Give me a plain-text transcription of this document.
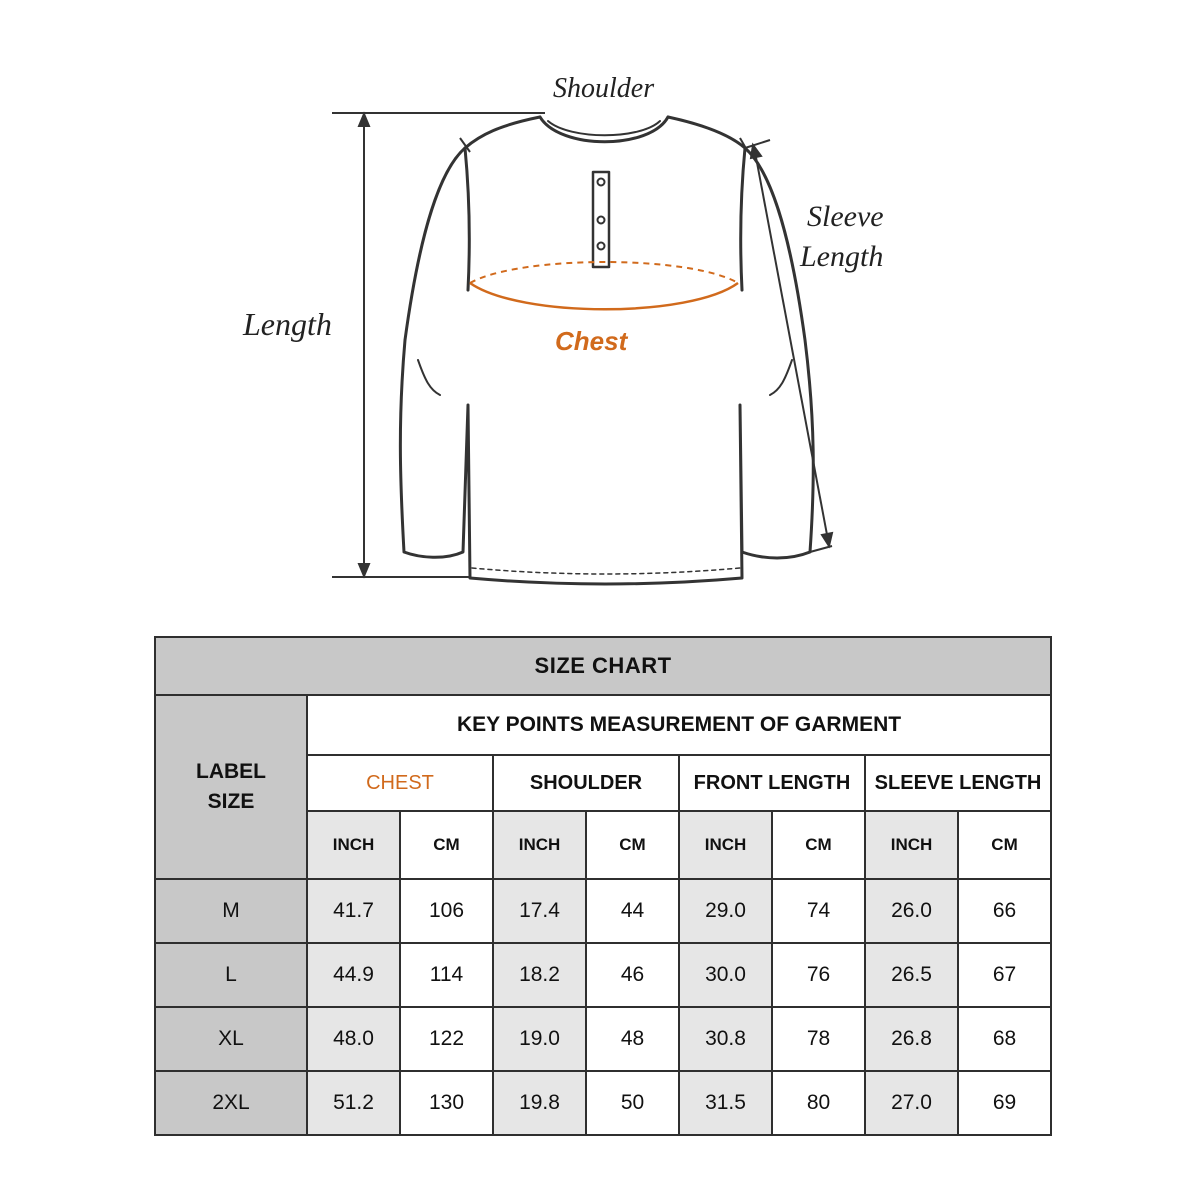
Shoulder
Sleeve
Length
Length	Chest
SIZE CHART								
LABEL
SIZE	KEY POINTS MEASUREMENT OF GARMENT							
	CHEST		SHOULDER		FRONT LENGTH		SLEEVE LENGTH	
	INCH	CM	INCH	CM	INCH	CM	INCH	CM
M	41.7	106	17.4	44	29.0	74	26.0	66
L	44.9	114	18.2	46	30.0	76	26.5	67
XL	48.0	122	19.0	48	30.8	78	26.8	68
2XL	51.2	130	19.8	50	31.5	80	27.0	69
